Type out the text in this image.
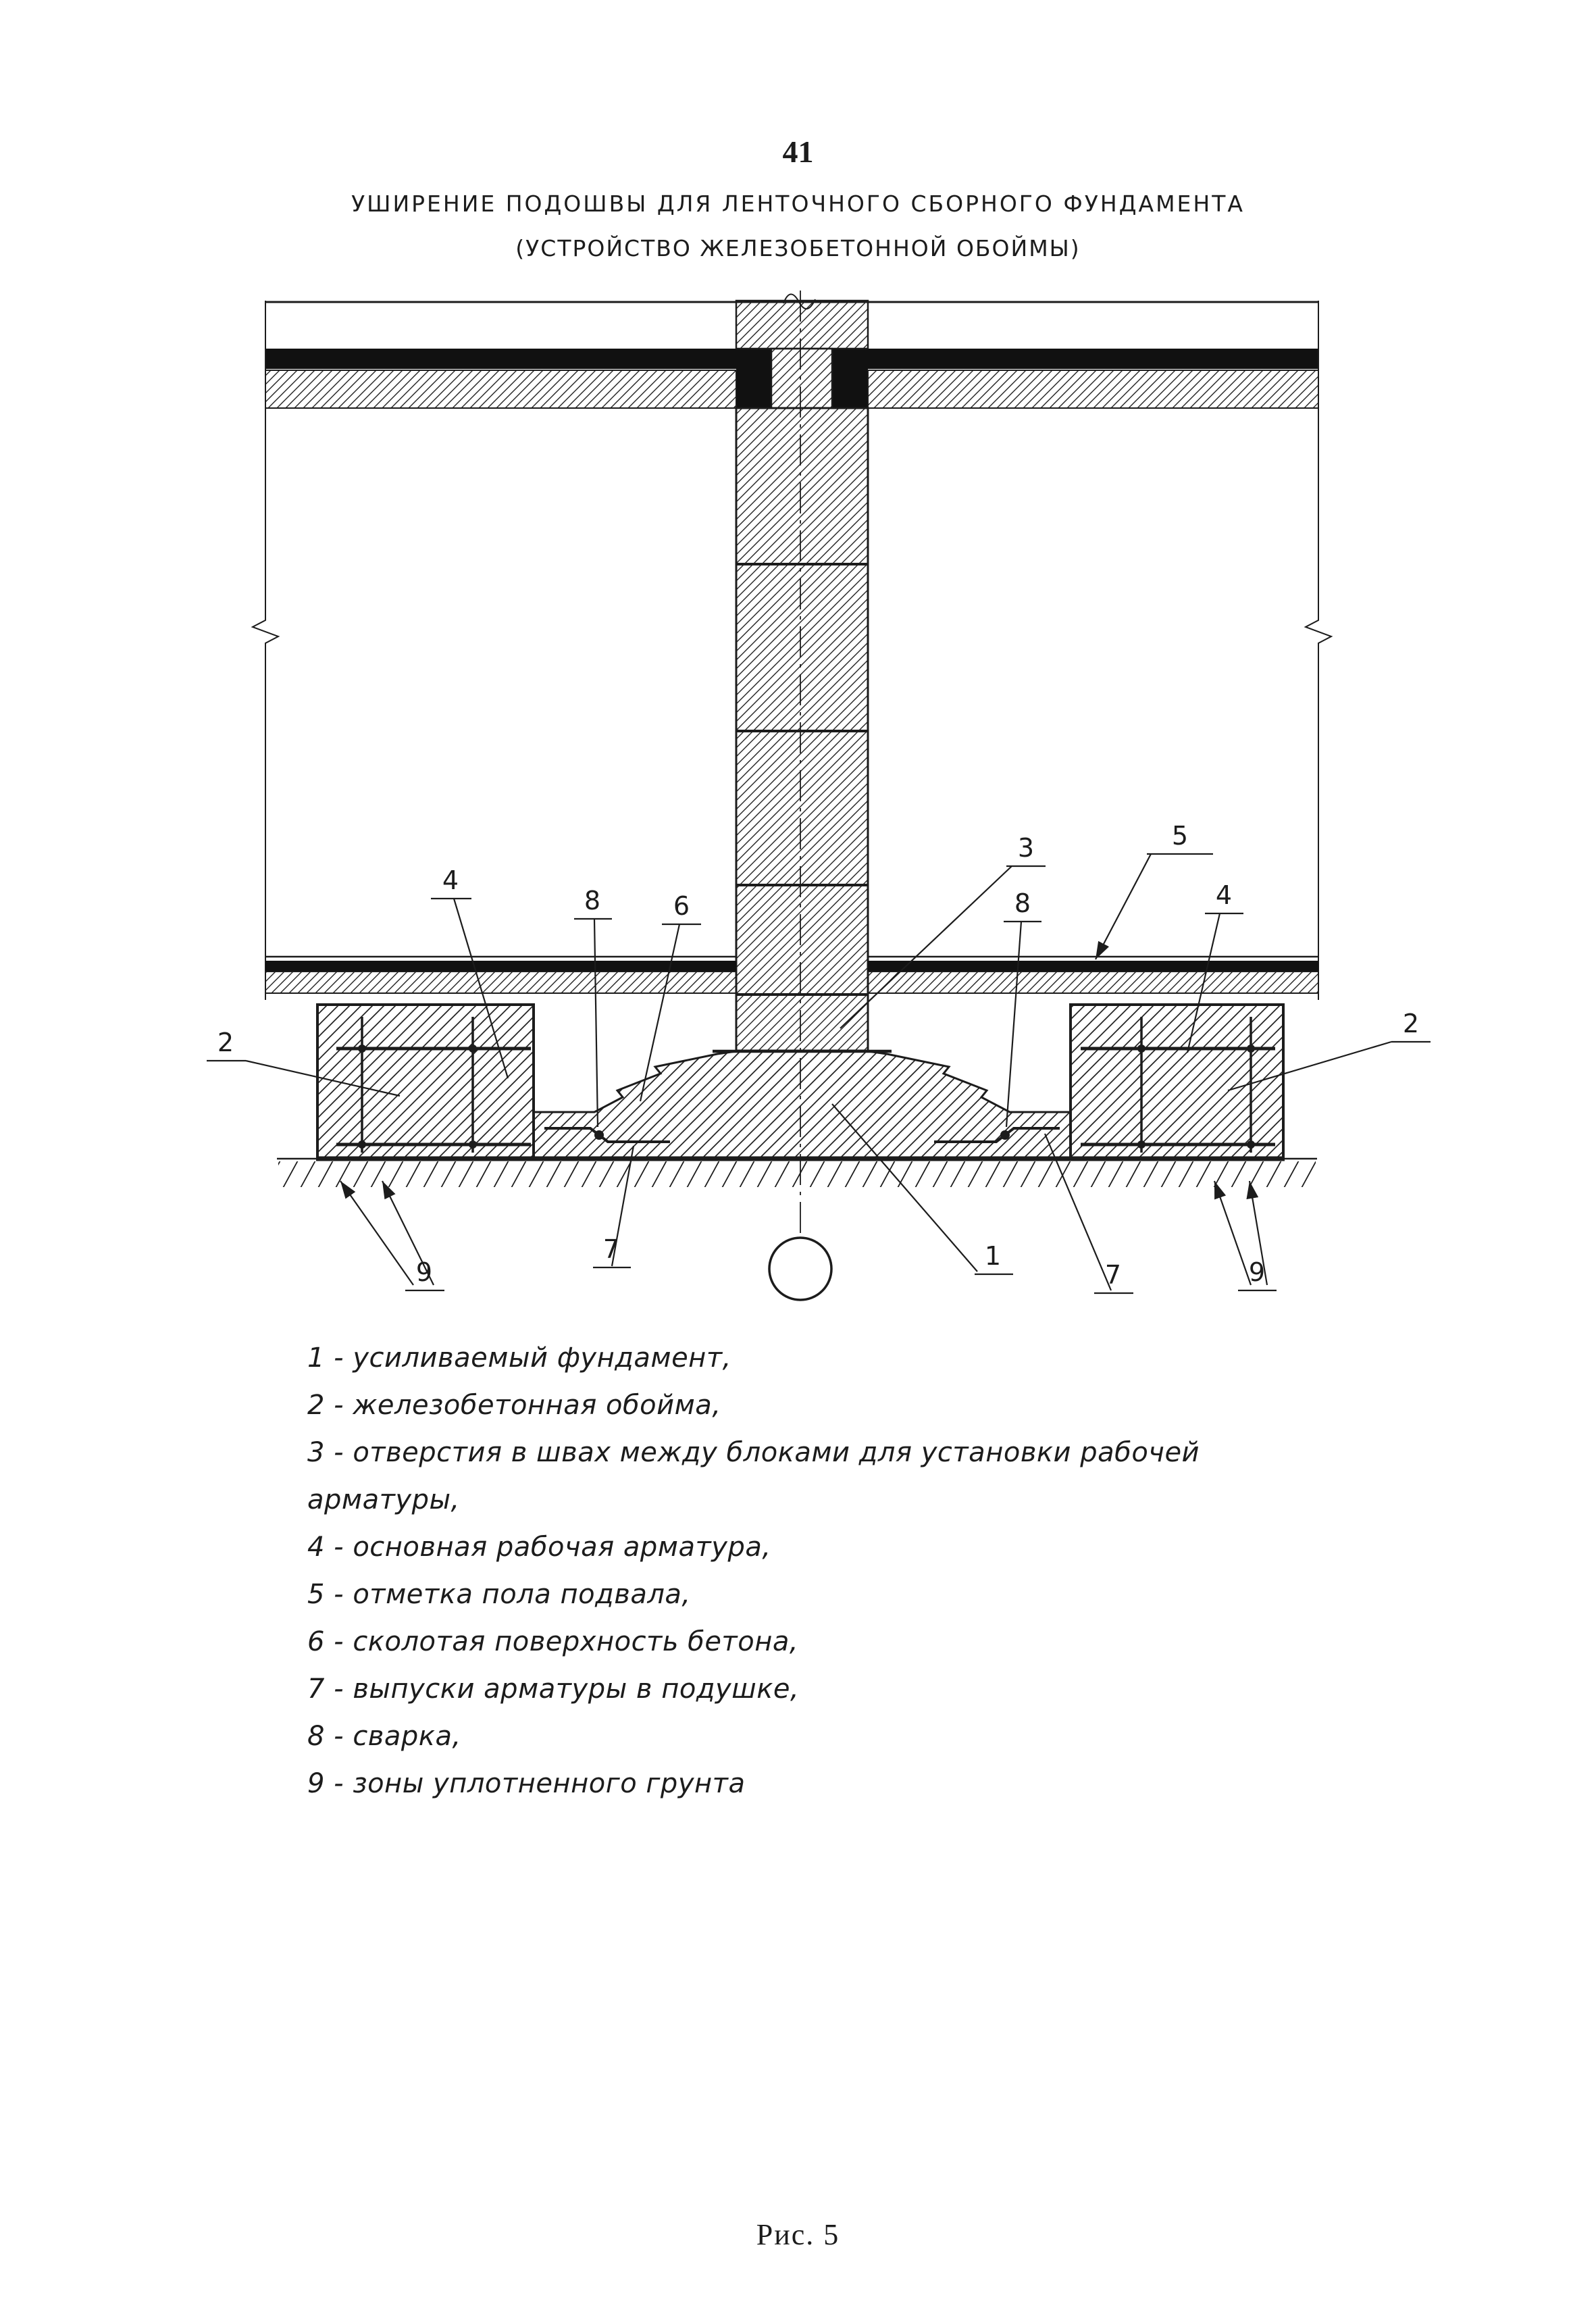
41
УШИРЕНИЕ ПОДОШВЫ ДЛЯ ЛЕНТОЧНОГО СБОРНОГО ФУНДАМЕНТА
(УСТРОЙСТВО ЖЕЛЕЗОБЕТОННОЙ ОБОЙМЫ)
4
8	6
3	5
8	4
2
2
9
7	1
7	9
1 - усиливаемый фундамент,
2 - железобетонная обойма,
3 - отверстия в швах между блоками для установки рабочей арматуры,
4 - основная рабочая арматура,
5 - отметка пола подвала,
6 - сколотая поверхность бетона,
7 - выпуски арматуры в подушке,
8 - сварка,
9 - зоны уплотненного грунта
Рис. 5
